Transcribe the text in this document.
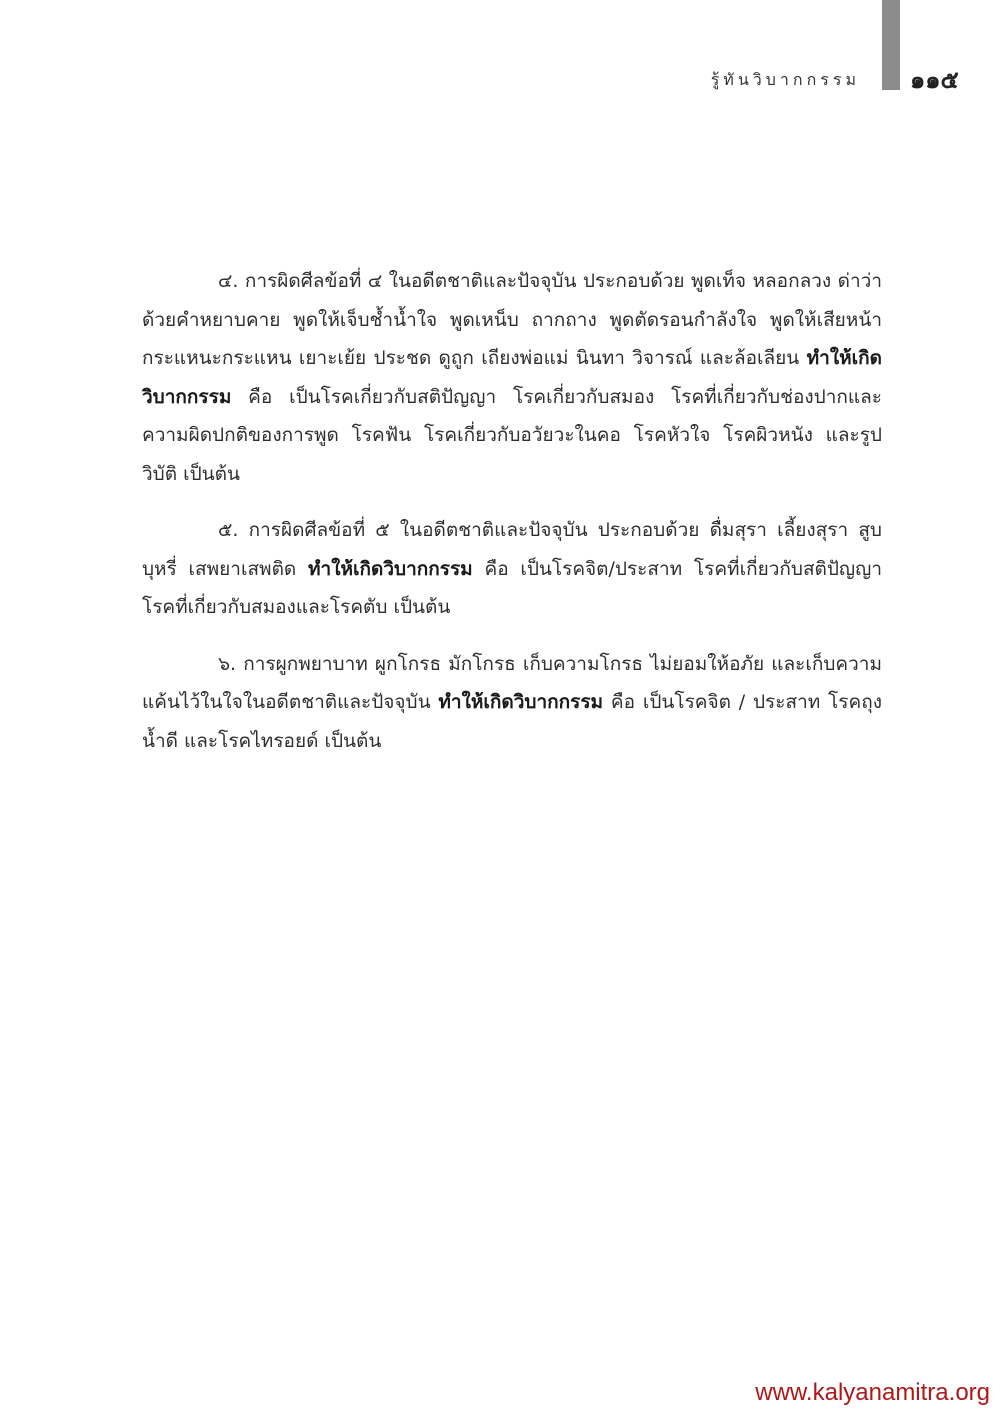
รู้ทันวิบากกรรม ๑๑๕

๔. การผิดศีลข้อที่ ๔ ในอดีตชาติและปัจจุบัน ประกอบด้วย พูดเท็จ หลอกลวง ด่าว่าด้วยคำหยาบคาย พูดให้เจ็บช้ำน้ำใจ พูดเหน็บ ถากถาง พูดตัดรอนกำลังใจ พูดให้เสียหน้า กระแหนะกระแหน เยาะเย้ย ประชด ดูถูก เถียงพ่อแม่ นินทา วิจารณ์ และล้อเลียน ทำให้เกิดวิบากกรรม คือ เป็นโรคเกี่ยวกับสติปัญญา โรคเกี่ยวกับสมอง โรคที่เกี่ยวกับช่องปากและความผิดปกติของการพูด โรคฟัน โรคเกี่ยวกับอวัยวะในคอ โรคหัวใจ โรคผิวหนัง และรูปวิบัติ เป็นต้น

๕. การผิดศีลข้อที่ ๕ ในอดีตชาติและปัจจุบัน ประกอบด้วย ดื่มสุรา เลี้ยงสุรา สูบบุหรี่ เสพยาเสพติด ทำให้เกิดวิบากกรรม คือ เป็นโรคจิต/ประสาท โรคที่เกี่ยวกับสติปัญญา โรคที่เกี่ยวกับสมองและโรคตับ เป็นต้น

๖. การผูกพยาบาท ผูกโกรธ มักโกรธ เก็บความโกรธ ไม่ยอมให้อภัย และเก็บความแค้นไว้ในใจในอดีตชาติและปัจจุบัน ทำให้เกิดวิบากกรรม คือ เป็นโรคจิต / ประสาท โรคถุงน้ำดี และโรคไทรอยด์ เป็นต้น

www.kalyanamitra.org
